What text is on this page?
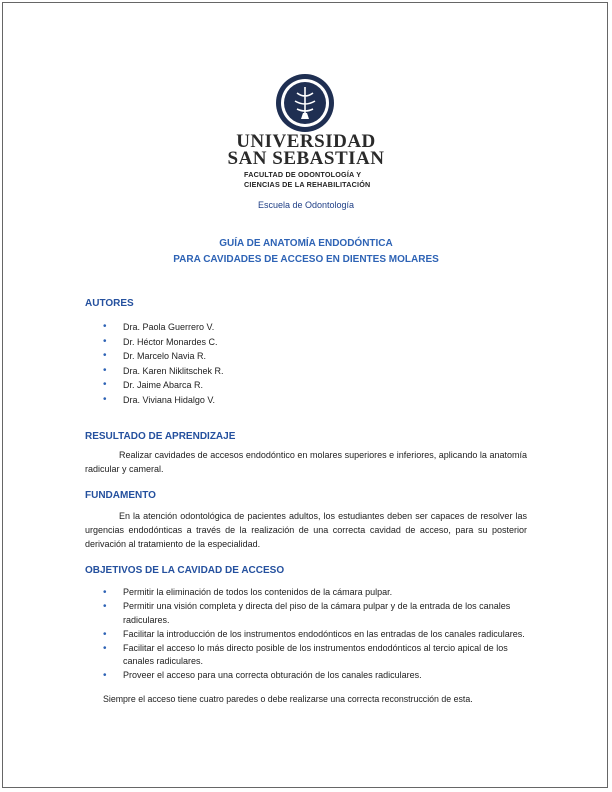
UNIVERSIDAD
SAN SEBASTIAN
FACULTAD DE ODONTOLOGÍA Y
CIENCIAS DE LA REHABILITACIÓN
Escuela de Odontología
GUÍA DE ANATOMÍA ENDODÓNTICA
PARA CAVIDADES DE ACCESO EN DIENTES MOLARES
AUTORES
• Dra. Paola Guerrero V.
• Dr. Héctor Monardes C.
• Dr. Marcelo Navia R.
• Dra. Karen Niklitschek R.
• Dr. Jaime Abarca R.
• Dra. Viviana Hidalgo V.
RESULTADO DE APRENDIZAJE
Realizar cavidades de accesos endodóntico en molares superiores e inferiores, aplicando la anatomía radicular y cameral.
FUNDAMENTO
En la atención odontológica de pacientes adultos, los estudiantes deben ser capaces de resolver las urgencias endodónticas a través de la realización de una correcta cavidad de acceso, para su posterior derivación al tratamiento de la especialidad.
OBJETIVOS DE LA CAVIDAD DE ACCESO
• Permitir la eliminación de todos los contenidos de la cámara pulpar.
• Permitir una visión completa y directa del piso de la cámara pulpar y de la entrada de los canales radiculares.
• Facilitar la introducción de los instrumentos endodónticos en las entradas de los canales radiculares.
• Facilitar el acceso lo más directo posible de los instrumentos endodónticos al tercio apical de los canales radiculares.
• Proveer el acceso para una correcta obturación de los canales radiculares.
Siempre el acceso tiene cuatro paredes o debe realizarse una correcta reconstrucción de esta.
